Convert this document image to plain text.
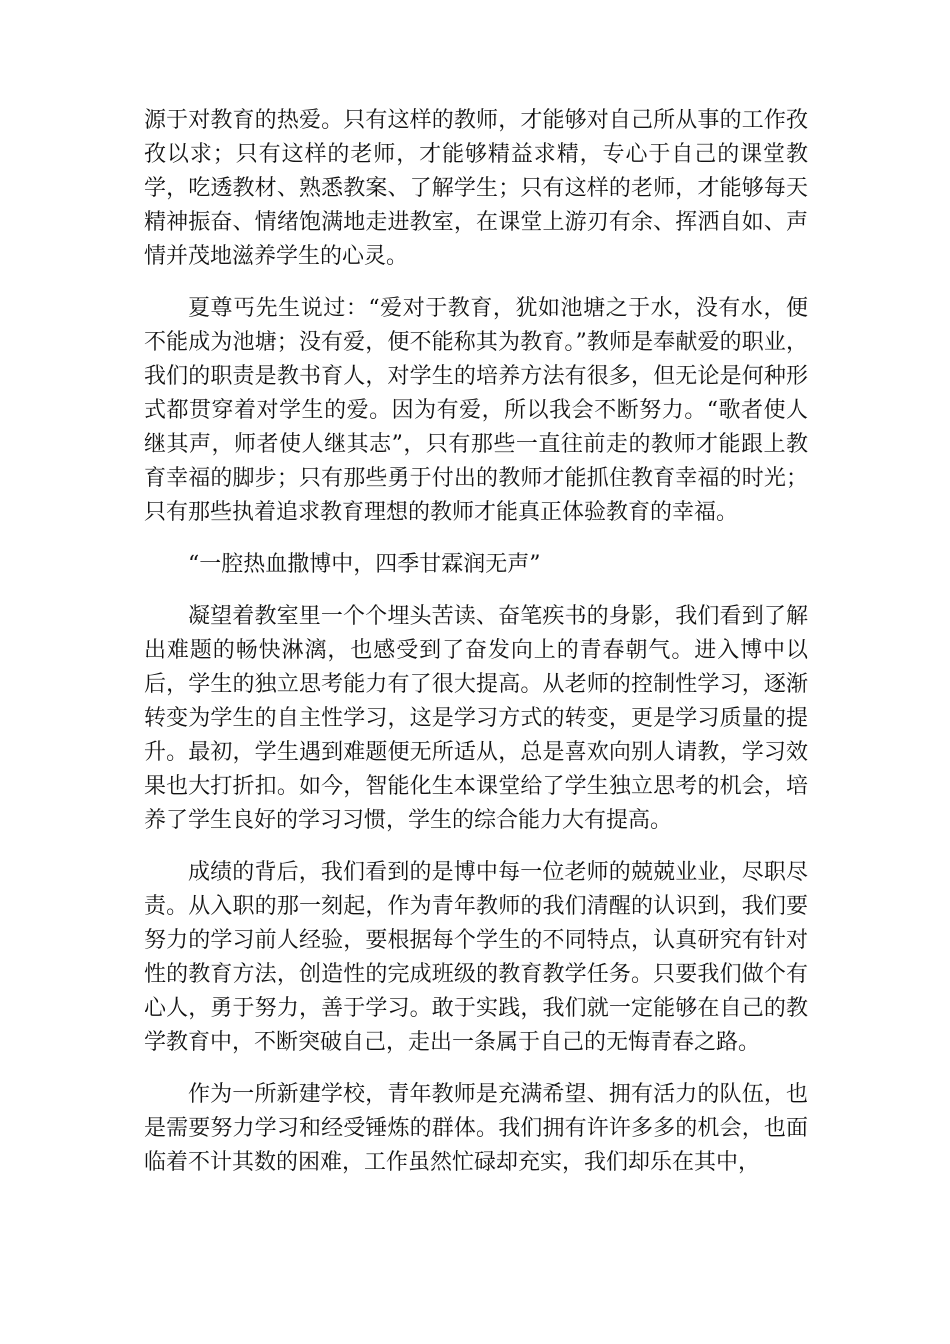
源于对教育的热爱。只有这样的教师，才能够对自己所从事的工作孜孜以求；只有这样的老师，才能够精益求精，专心于自己的课堂教学，吃透教材、熟悉教案、了解学生；只有这样的老师，才能够每天精神振奋、情绪饱满地走进教室，在课堂上游刃有余、挥洒自如、声情并茂地滋养学生的心灵。

夏尊丐先生说过：“爱对于教育，犹如池塘之于水，没有水，便不能成为池塘；没有爱，便不能称其为教育。”教师是奉献爱的职业，我们的职责是教书育人，对学生的培养方法有很多，但无论是何种形式都贯穿着对学生的爱。因为有爱，所以我会不断努力。“歌者使人继其声，师者使人继其志”，只有那些一直往前走的教师才能跟上教育幸福的脚步；只有那些勇于付出的教师才能抓住教育幸福的时光；只有那些执着追求教育理想的教师才能真正体验教育的幸福。

“一腔热血撒博中，四季甘霖润无声”

凝望着教室里一个个埋头苦读、奋笔疾书的身影，我们看到了解出难题的畅快淋漓，也感受到了奋发向上的青春朝气。进入博中以后，学生的独立思考能力有了很大提高。从老师的控制性学习，逐渐转变为学生的自主性学习，这是学习方式的转变，更是学习质量的提升。最初，学生遇到难题便无所适从，总是喜欢向别人请教，学习效果也大打折扣。如今，智能化生本课堂给了学生独立思考的机会，培养了学生良好的学习习惯，学生的综合能力大有提高。

成绩的背后，我们看到的是博中每一位老师的兢兢业业，尽职尽责。从入职的那一刻起，作为青年教师的我们清醒的认识到，我们要努力的学习前人经验，要根据每个学生的不同特点，认真研究有针对性的教育方法，创造性的完成班级的教育教学任务。只要我们做个有心人，勇于努力，善于学习。敢于实践，我们就一定能够在自己的教学教育中，不断突破自己，走出一条属于自己的无悔青春之路。

作为一所新建学校，青年教师是充满希望、拥有活力的队伍，也是需要努力学习和经受锤炼的群体。我们拥有许许多多的机会，也面临着不计其数的困难，工作虽然忙碌却充实，我们却乐在其中，
